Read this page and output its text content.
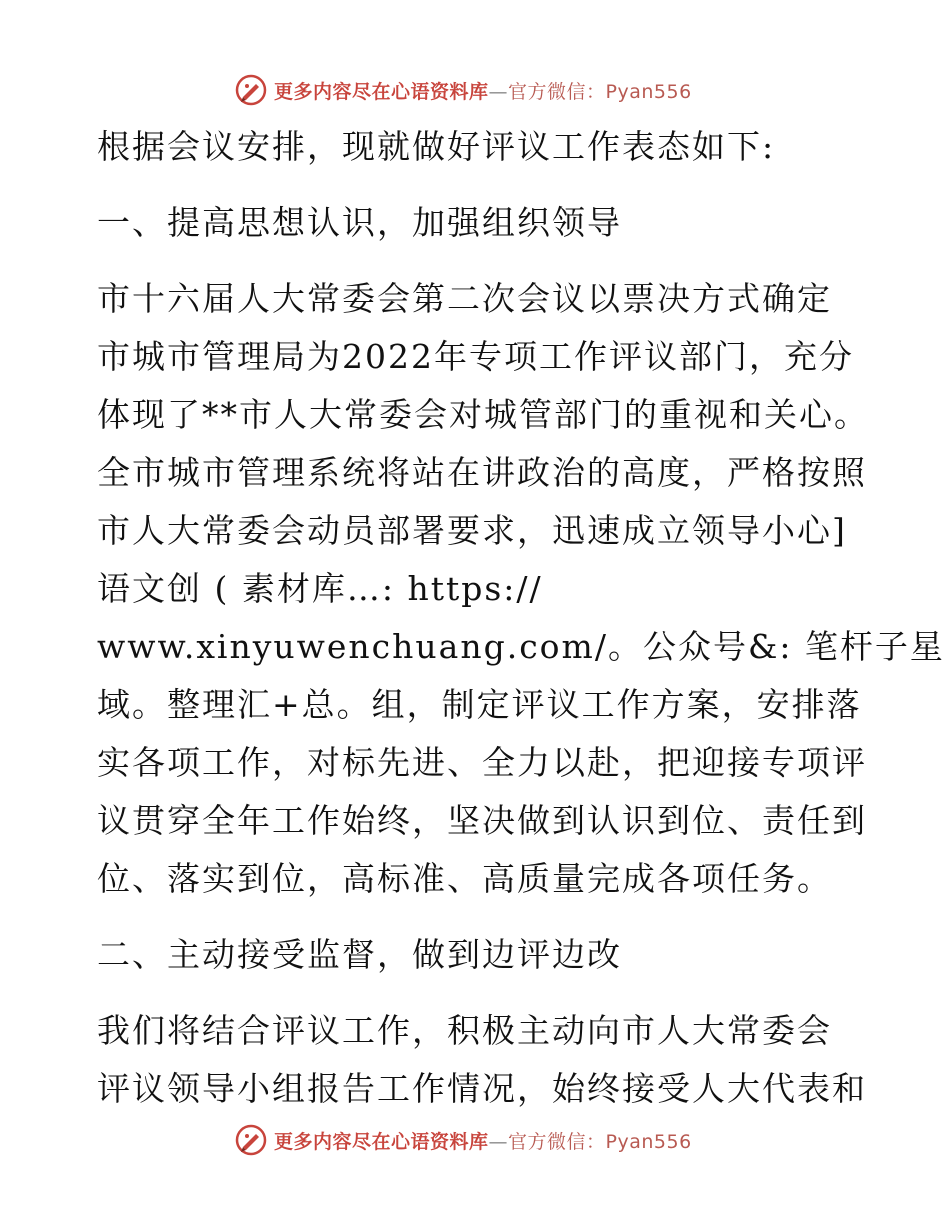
更多内容尽在心语资料库—官方微信：Pyan556
根据会议安排，现就做好评议工作表态如下:
一、提高思想认识，加强组织领导
市十六届人大常委会第二次会议以票决方式确定
市城市管理局为2022年专项工作评议部门，充分
体现了**市人大常委会对城管部门的重视和关心。
全市城市管理系统将站在讲政治的高度，严格按照
市人大常委会动员部署要求，迅速成立领导小心]
语文创 ( 素材库…: https://
www.xinyuwenchuang.com/。公众号&: 笔杆子星
域。整理汇+总。组，制定评议工作方案，安排落
实各项工作，对标先进、全力以赴，把迎接专项评
议贯穿全年工作始终，坚决做到认识到位、责任到
位、落实到位，高标准、高质量完成各项任务。
二、主动接受监督，做到边评边改
我们将结合评议工作，积极主动向市人大常委会
评议领导小组报告工作情况，始终接受人大代表和
更多内容尽在心语资料库—官方微信：Pyan556
